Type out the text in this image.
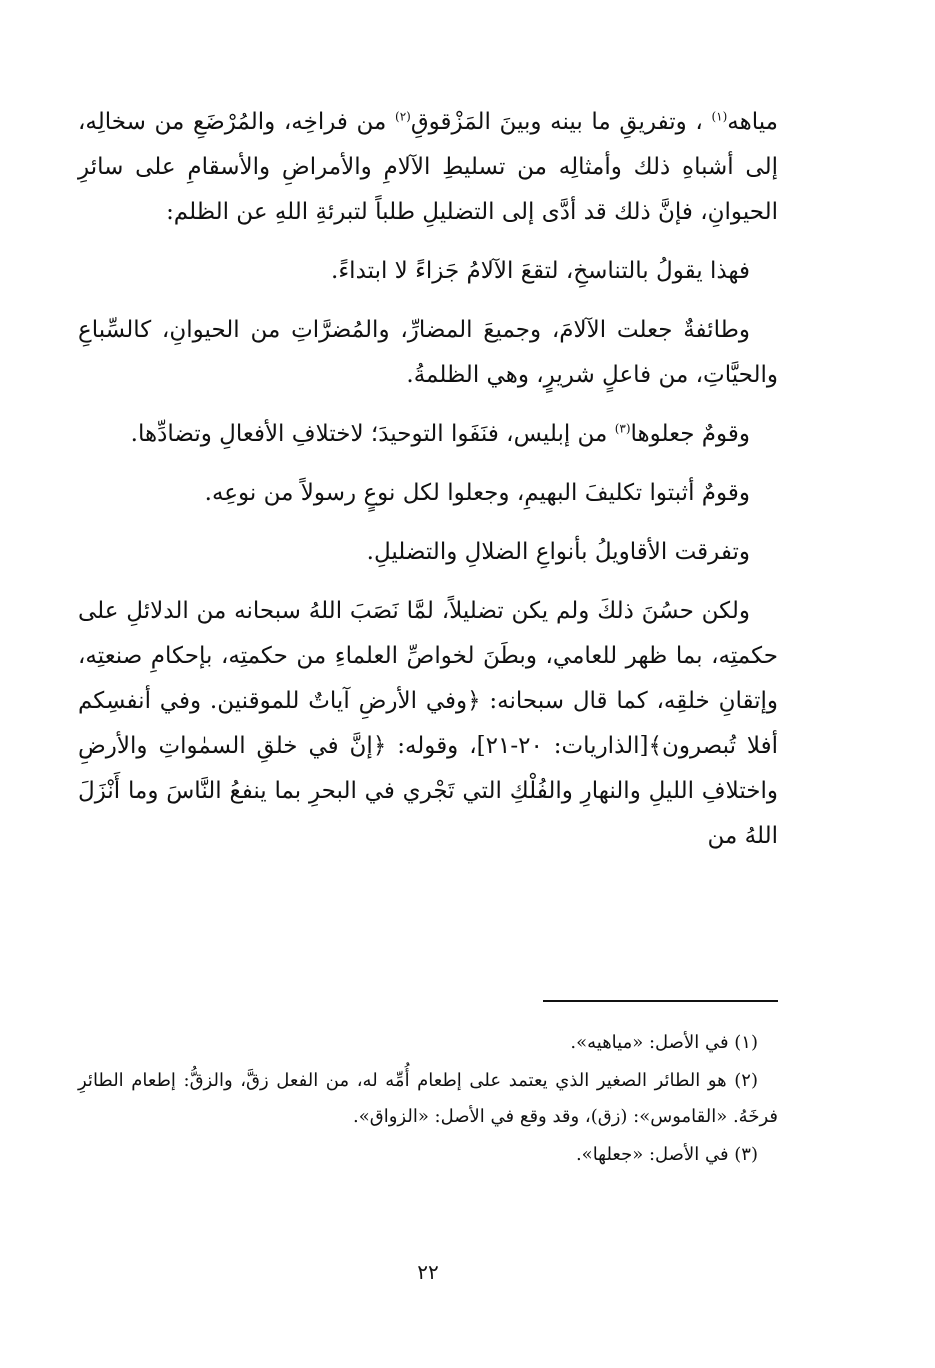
مياهه$^{(١)}$ ، وتفريقِ ما بينه وبينَ المَزْقوقِ$^{(٢)}$ من فراخِه، والمُرْضَعِ من سخالِه، إلى أشباهِ ذلك وأمثالِه من تسليطِ الآلامِ والأمراضِ والأسقامِ على سائرِ الحيوانِ، فإنَّ ذلك قد أدَّى إلى التضليلِ طلباً لتبرئةِ اللهِ عن الظلم:

فهذا يقولُ بالتناسخِ، لتقعَ الآلامُ جَزاءً لا ابتداءً.

وطائفةٌ جعلت الآلامَ، وجميعَ المضارِّ، والمُضرَّاتِ من الحيوانِ، كالسِّباعِ والحيَّاتِ، من فاعلٍ شريرٍ، وهي الظلمةُ.

وقومٌ جعلوها$^{(٣)}$ من إبليس، فنَفَوا التوحيدَ؛ لاختلافِ الأفعالِ وتضادِّها.

وقومٌ أثبتوا تكليفَ البهيمِ، وجعلوا لكل نوعٍ رسولاً من نوعِه.

وتفرقت الأقاويلُ بأنواعِ الضلالِ والتضليلِ.

ولكن حسُنَ ذلكَ ولم يكن تضليلاً، لمَّا نَصَبَ اللهُ سبحانه من الدلائلِ على حكمتِه، بما ظهر للعامي، وبطَنَ لخواصِّ العلماءِ من حكمتِه، بإحكامِ صنعتِه، وإتقانِ خلقِه، كما قال سبحانه: ﴿وفي الأرضِ آياتٌ للموقنين. وفي أنفسِكم أفلا تُبصرون﴾[الذاريات: ٢٠-٢١]، وقوله: ﴿إنَّ في خلقِ السمٰواتِ والأرضِ واختلافِ الليلِ والنهارِ والفُلْكِ التي تَجْري في البحرِ بما ينفعُ النَّاسَ وما أَنْزَلَ اللهُ من

(١) في الأصل: «مياهيه».

(٢) هو الطائر الصغير الذي يعتمد على إطعام أُمِّه له، من الفعل زقَّ، والزقُّ: إطعام الطائرِ فرخَهُ. «القاموس»: (زق)، وقد وقع في الأصل: «الزواق».

(٣) في الأصل: «جعلها».

٢٢
